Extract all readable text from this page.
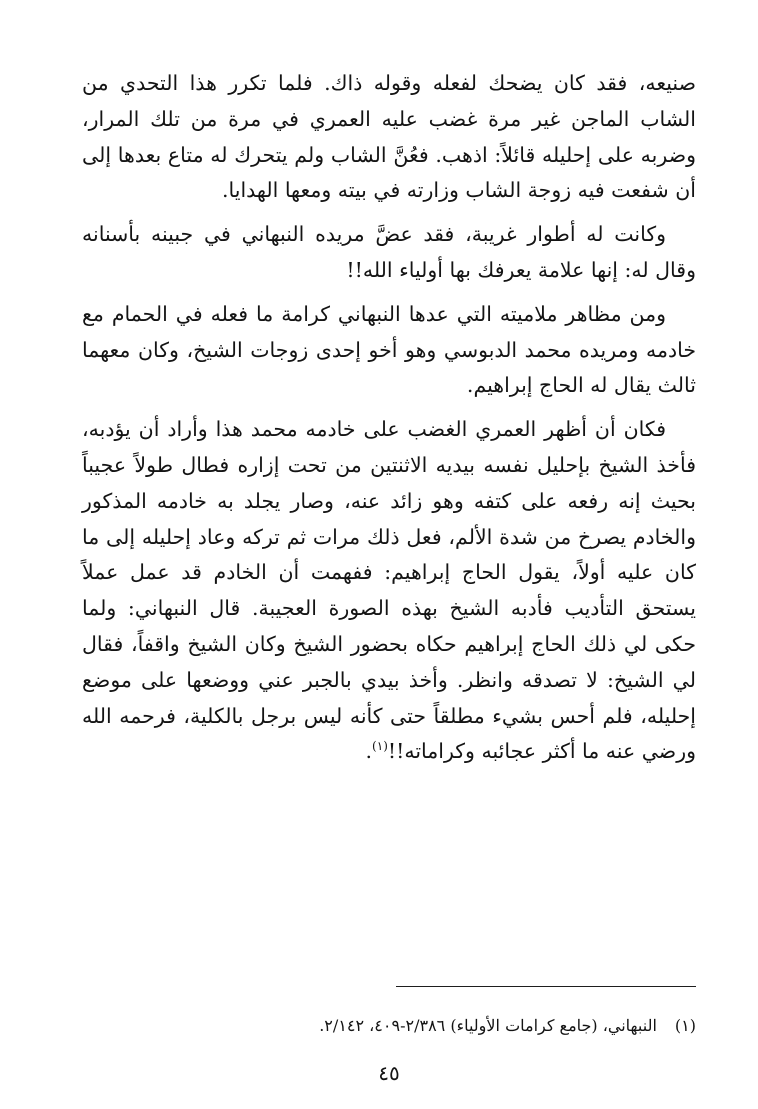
صنيعه، فقد كان يضحك لفعله وقوله ذاك. فلما تكرر هذا التحدي من الشاب الماجن غير مرة غضب عليه العمري في مرة من تلك المرار، وضربه على إحليله قائلاً: اذهب. فعُنَّ الشاب ولم يتحرك له متاع بعدها إلى أن شفعت فيه زوجة الشاب وزارته في بيته ومعها الهدايا.

وكانت له أطوار غريبة، فقد عضَّ مريده النبهاني في جبينه بأسنانه وقال له: إنها علامة يعرفك بها أولياء الله!!

ومن مظاهر ملاميته التي عدها النبهاني كرامة ما فعله في الحمام مع خادمه ومريده محمد الدبوسي وهو أخو إحدى زوجات الشيخ، وكان معهما ثالث يقال له الحاج إبراهيم.

فكان أن أظهر العمري الغضب على خادمه محمد هذا وأراد أن يؤدبه، فأخذ الشيخ بإحليل نفسه بيديه الاثنتين من تحت إزاره فطال طولاً عجيباً بحيث إنه رفعه على كتفه وهو زائد عنه، وصار يجلد به خادمه المذكور والخادم يصرخ من شدة الألم، فعل ذلك مرات ثم تركه وعاد إحليله إلى ما كان عليه أولاً، يقول الحاج إبراهيم: ففهمت أن الخادم قد عمل عملاً يستحق التأديب فأدبه الشيخ بهذه الصورة العجيبة. قال النبهاني: ولما حكى لي ذلك الحاج إبراهيم حكاه بحضور الشيخ وكان الشيخ واقفاً، فقال لي الشيخ: لا تصدقه وانظر. وأخذ بيدي بالجبر عني ووضعها على موضع إحليله، فلم أحس بشيء مطلقاً حتى كأنه ليس برجل بالكلية، فرحمه الله ورضي عنه ما أكثر عجائبه وكراماته!!$^{(١)}$.

(١)النبهاني، (جامع كرامات الأولياء) ٢/٣٨٦-٤٠٩، ٢/١٤٢.
٤٥
